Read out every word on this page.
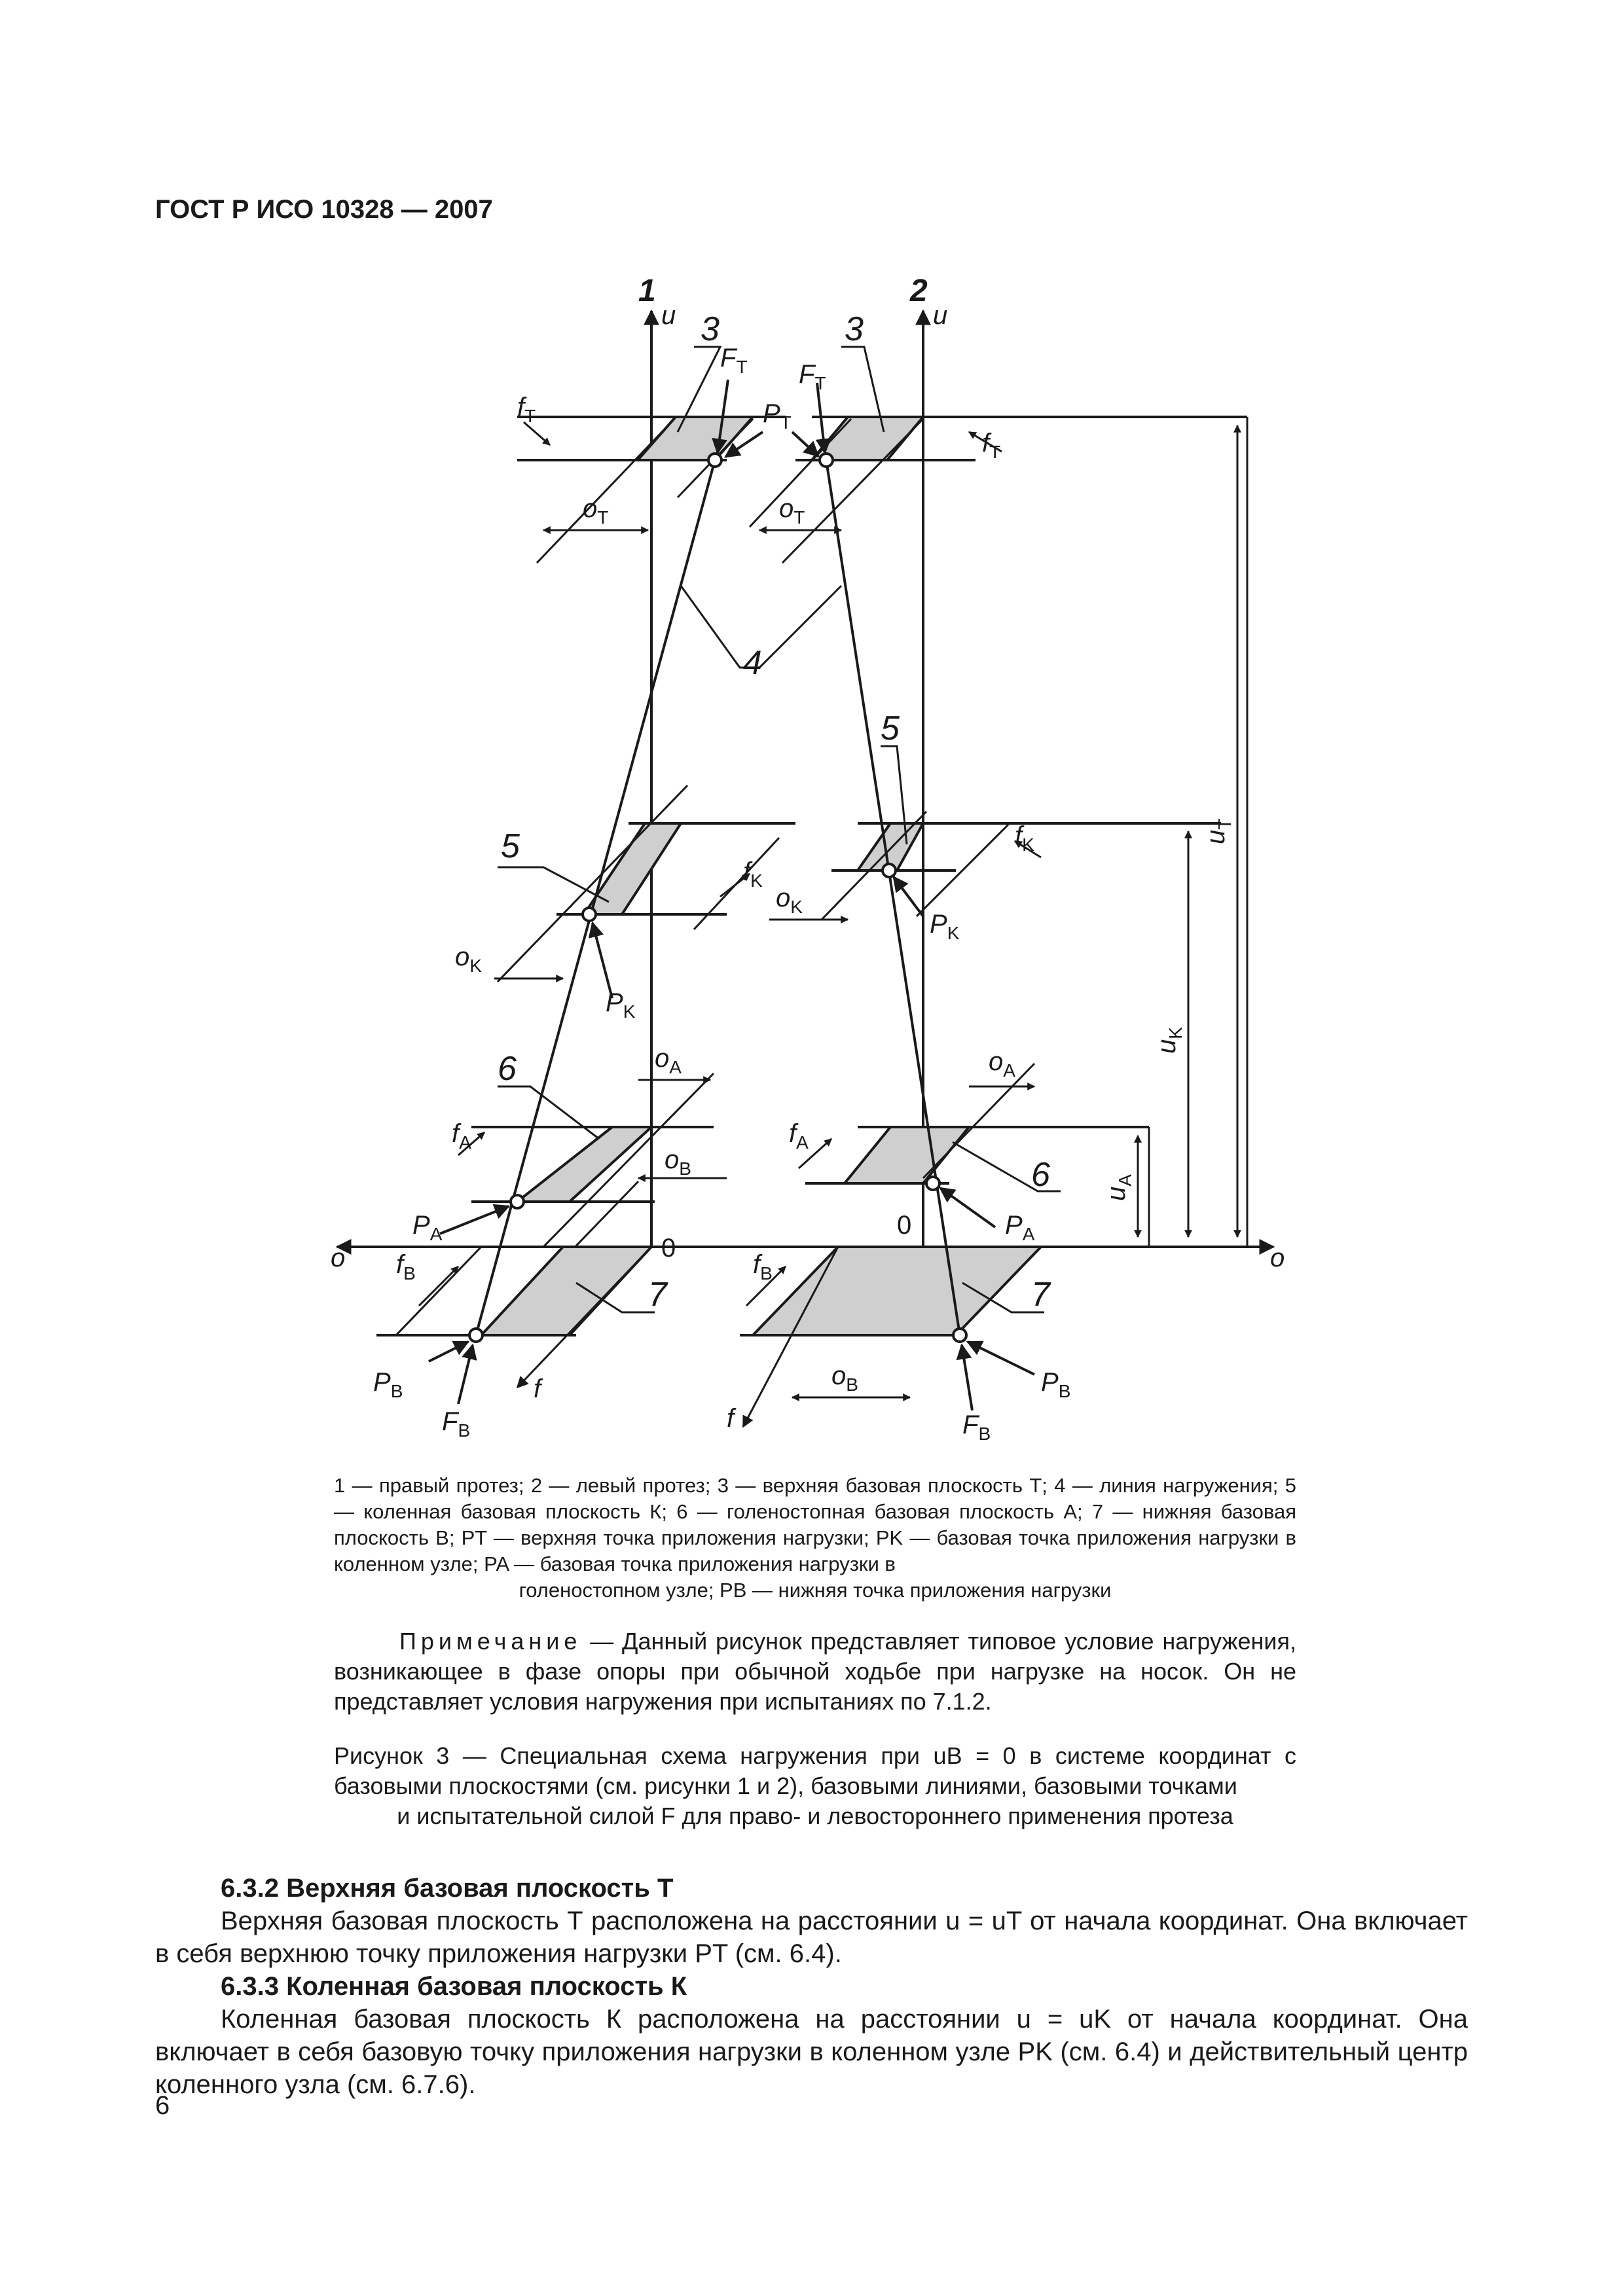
ГОСТ Р ИСО 10328 — 2007
1	2
u	u
o	o
0
0
f
f
3	3
4
5
5
6
6
7	7
$f_T$
$f_T$
$F_T$ $F_T$
$P_T$
$o_T$	$o_T$
$f_K$
$f_K$
$o_K$
$o_K$
$P_K$
$P_K$
$o_A$	$o_A$
$f_A$	$f_A$
$o_B$
$o_B$
$P_A$	$P_A$
$f_B$	$f_B$
$P_B$	$P_B$
$F_B$	$F_B$
$u_T$
$u_K$
$u_A$
1 — правый протез; 2 — левый протез; 3 — верхняя базовая плоскость Т; 4 — линия нагружения; 5 — коленная базовая плоскость К; 6 — голеностопная базовая плоскость А; 7 — нижняя базовая плоскость B; PT — верхняя точка приложения нагрузки; PK — базовая точка приложения нагрузки в коленном узле; PA — базовая точка приложения нагрузки в
голеностопном узле; PB — нижняя точка приложения нагрузки
Примечание — Данный рисунок представляет типовое условие нагружения, возникающее в фазе опоры при обычной ходьбе при нагрузке на носок. Он не представляет условия нагружения при испытаниях по 7.1.2.
Рисунок 3 — Специальная схема нагружения при uB = 0 в системе координат с базовыми плоскостями (см. рисунки 1 и 2), базовыми линиями, базовыми точками
и испытательной силой F для право- и левостороннего применения протеза
6.3.2 Верхняя базовая плоскость Т

Верхняя базовая плоскость Т расположена на расстоянии u = uT от начала координат. Она включает в себя верхнюю точку приложения нагрузки PT (см. 6.4).

6.3.3 Коленная базовая плоскость К

Коленная базовая плоскость К расположена на расстоянии u = uK от начала координат. Она включает в себя базовую точку приложения нагрузки в коленном узле PK (см. 6.4) и действительный центр коленного узла (см. 6.7.6).

6
